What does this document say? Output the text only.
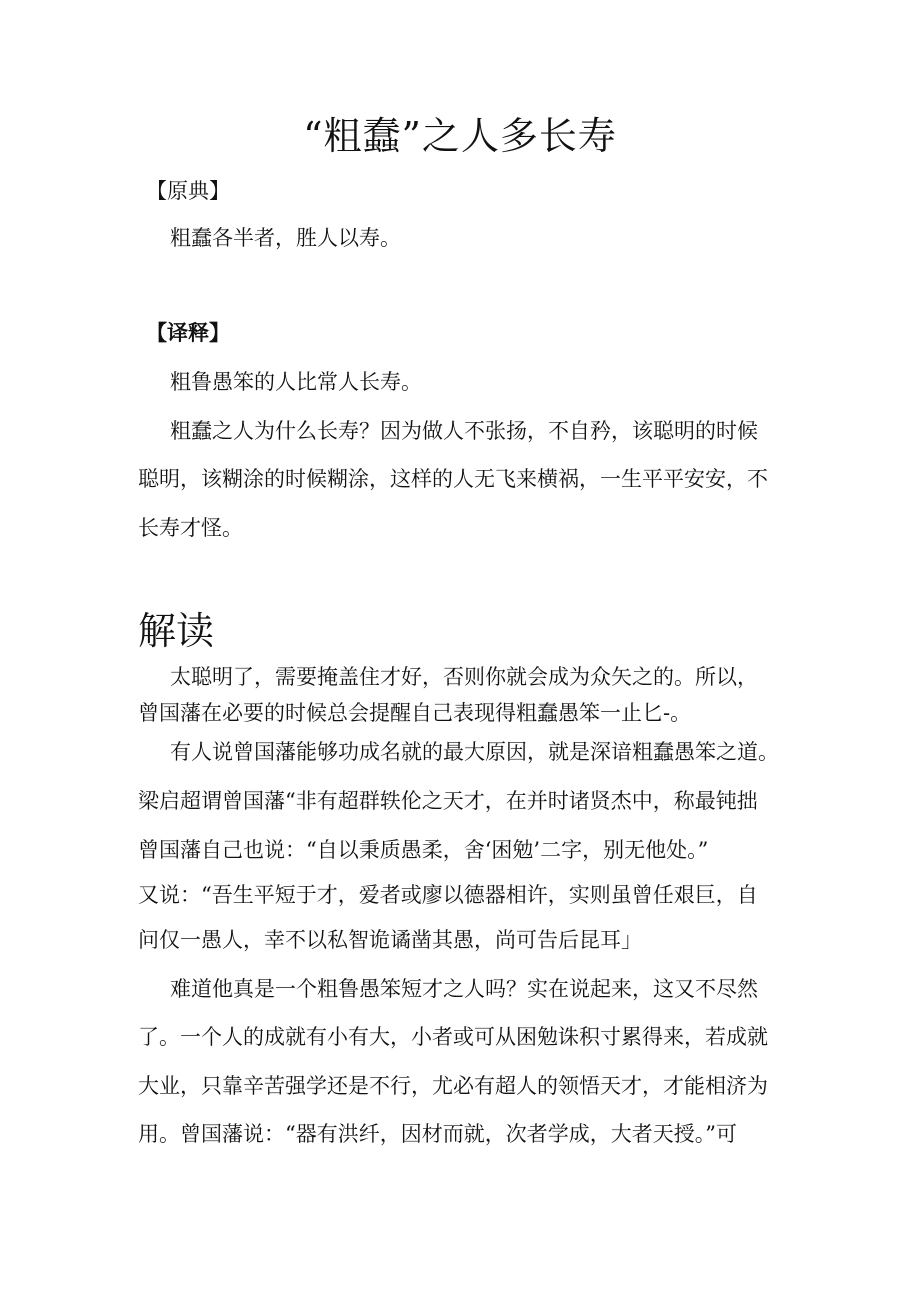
“粗蠢”之人多长寿

【原典】

粗蠢各半者，胜人以寿。

【译释】

粗鲁愚笨的人比常人长寿。

粗蠢之人为什么长寿？因为做人不张扬，不自矜，该聪明的时候

聪明，该糊涂的时候糊涂，这样的人无飞来横祸，一生平平安安，不

长寿才怪。

解读

太聪明了，需要掩盖住才好，否则你就会成为众矢之的。所以，

曾国藩在必要的时候总会提醒自己表现得粗蠢愚笨一止匕-。

有人说曾国藩能够功成名就的最大原因，就是深谙粗蠢愚笨之道。

梁启超谓曾国藩“非有超群轶伦之天才，在并时诸贤杰中，称最钝拙

曾国藩自己也说：“自以秉质愚柔，舍‘困勉’二字，别无他处。”

又说：“吾生平短于才，爱者或廖以德器相许，实则虽曾任艰巨，自

问仅一愚人，幸不以私智诡谲凿其愚，尚可告后昆耳」

难道他真是一个粗鲁愚笨短才之人吗？实在说起来，这又不尽然

了。一个人的成就有小有大，小者或可从困勉诛积寸累得来，若成就

大业，只靠辛苦强学还是不行，尤必有超人的领悟天才，才能相济为

用。曾国藩说：“器有洪纤，因材而就，次者学成，大者天授。”可
